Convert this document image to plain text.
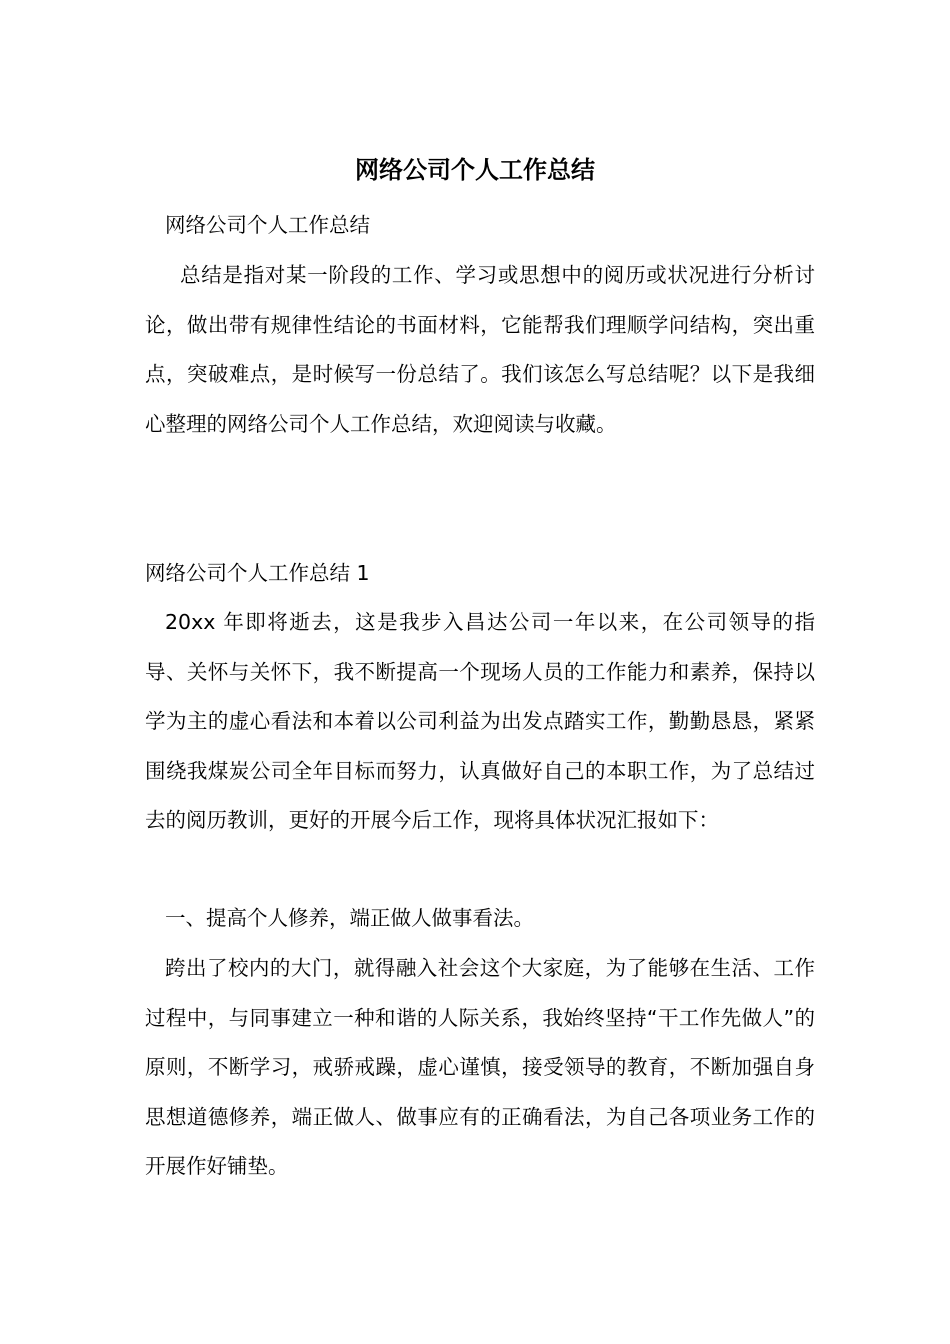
网络公司个人工作总结

网络公司个人工作总结

总结是指对某一阶段的工作、学习或思想中的阅历或状况进行分析讨论，做出带有规律性结论的书面材料，它能帮我们理顺学问结构，突出重点，突破难点，是时候写一份总结了。我们该怎么写总结呢？以下是我细心整理的网络公司个人工作总结，欢迎阅读与收藏。

网络公司个人工作总结 1

20xx 年即将逝去，这是我步入昌达公司一年以来，在公司领导的指导、关怀与关怀下，我不断提高一个现场人员的工作能力和素养，保持以学为主的虚心看法和本着以公司利益为出发点踏实工作，勤勤恳恳，紧紧围绕我煤炭公司全年目标而努力，认真做好自己的本职工作，为了总结过去的阅历教训，更好的开展今后工作，现将具体状况汇报如下：

一、提高个人修养，端正做人做事看法。

跨出了校内的大门，就得融入社会这个大家庭，为了能够在生活、工作过程中，与同事建立一种和谐的人际关系，我始终坚持“干工作先做人”的原则，不断学习，戒骄戒躁，虚心谨慎，接受领导的教育，不断加强自身思想道德修养，端正做人、做事应有的正确看法，为自己各项业务工作的开展作好铺垫。
